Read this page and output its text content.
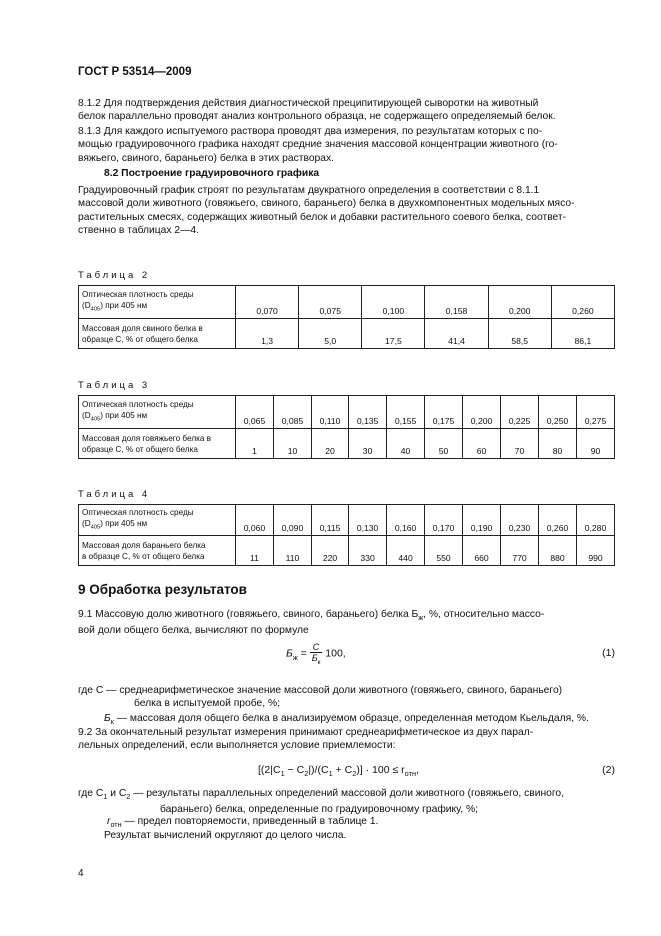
ГОСТ Р 53514—2009
8.1.2 Для подтверждения действия диагностической преципитирующей сыворотки на животный
белок параллельно проводят анализ контрольного образца, не содержащего определяемый белок.
8.1.3 Для каждого испытуемого раствора проводят два измерения, по результатам которых с по-
мощью градуировочного графика находят средние значения массовой концентрации животного (го-
вяжьего, свиного, бараньего) белка в этих растворах.
8.2 Построение градуировочного графика
Градуировочный график строят по результатам двукратного определения в соответствии с 8.1.1
массовой доли животного (говяжьего, свиного, бараньего) белка в двухкомпонентных модельных мясо-
растительных смесях, содержащих животный белок и добавки растительного соевого белка, соответ-
ственно в таблицах 2—4.
Таблица 2
Оптическая плотность среды
$(D_{405})$ при 405 нм	0,070	0,075	0,100	0,158	0,200	0,260
Массовая доля свиного белка в
образце C, % от общего белка	1,3	5,0	17,5	41,4	58,5	86,1
Таблица 3
Оптическая плотность среды
$(D_{405})$ при 405 нм	0,065	0,085	0,110	0,135	0,155	0,175	0,200	0,225	0,250	0,275
Массовая доля говяжьего белка в
образце C, % от общего белка	1	10	20	30	40	50	60	70	80	90
Таблица 4
Оптическая плотность среды
$(D_{405})$ при 405 нм	0,060	0,090	0,115	0,130	0,160	0,170	0,190	0,230	0,260	0,280
Массовая доля бараньего белка
в образце C, % от общего белка	11	110	220	330	440	550	660	770	880	990
9 Обработка результатов
9.1 Массовую долю животного (говяжьего, свиного, бараньего) белка $Б_ж$, %, относительно массо-
вой доли общего белка, вычисляют по формуле
$Б_ж = \frac{C}{Б_к} 100$,	(1)
где C — среднеарифметическое значение массовой доли животного (говяжьего, свиного, бараньего)
белка в испытуемой пробе, %;
$Б_к$ — массовая доля общего белка в анализируемом образце, определенная методом Кьельдаля, %.
9.2 За окончательный результат измерения принимают среднеарифметическое из двух парал-
лельных определений, если выполняется условие приемлемости:
$[(2|C_1 - C_2|)/(C_1 + C_2)] \cdot 100 \le r_{отн}$,	(2)
где $C_1$ и $C_2$ — результаты параллельных определений массовой доли животного (говяжьего, свиного,
бараньего) белка, определенные по градуировочному графику, %;
$r_{отн}$ — предел повторяемости, приведенный в таблице 1.
Результат вычислений округляют до целого числа.
4
